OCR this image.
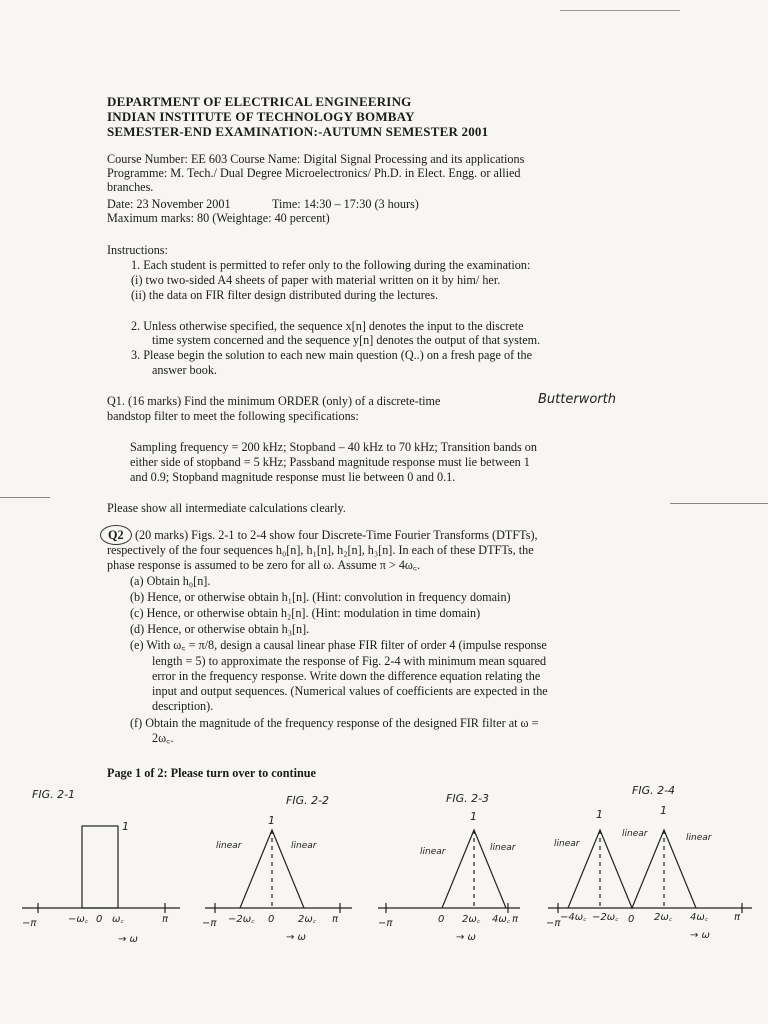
DEPARTMENT OF ELECTRICAL ENGINEERING
INDIAN INSTITUTE OF TECHNOLOGY BOMBAY
SEMESTER-END EXAMINATION:-AUTUMN SEMESTER 2001
Course Number: EE 603 Course Name: Digital Signal Processing and its applications
Programme: M. Tech./ Dual Degree Microelectronics/ Ph.D. in Elect. Engg. or allied
branches.
Date: 23 November 2001	Time: 14:30 – 17:30 (3 hours)
Maximum marks: 80 (Weightage: 40 percent)
Instructions:
1. Each student is permitted to refer only to the following during the examination:
(i) two two-sided A4 sheets of paper with material written on it by him/ her.
(ii) the data on FIR filter design distributed during the lectures.
2. Unless otherwise specified, the sequence x[n] denotes the input to the discrete
time system concerned and the sequence y[n] denotes the output of that system.
3. Please begin the solution to each new main question (Q..) on a fresh page of the
answer book.
Q1. (16 marks) Find the minimum ORDER (only) of a discrete-time	Butterworth
bandstop filter to meet the following specifications:
Sampling frequency = 200 kHz; Stopband – 40 kHz to 70 kHz; Transition bands on
either side of stopband = 5 kHz; Passband magnitude response must lie between 1
and 0.9; Stopband magnitude response must lie between 0 and 0.1.
Please show all intermediate calculations clearly.
Q2 (20 marks) Figs. 2-1 to 2-4 show four Discrete-Time Fourier Transforms (DTFTs),
respectively of the four sequences h₀[n], h₁[n], h₂[n], h₃[n]. In each of these DTFTs, the
phase response is assumed to be zero for all ω. Assume π > 4ω꜀.
(a) Obtain h₀[n].
(b) Hence, or otherwise obtain h₁[n]. (Hint: convolution in frequency domain)
(c) Hence, or otherwise obtain h₂[n]. (Hint: modulation in time domain)
(d) Hence, or otherwise obtain h₃[n].
(e) With ω꜀ = π/8, design a causal linear phase FIR filter of order 4 (impulse response
length = 5) to approximate the response of Fig. 2-4 with minimum mean squared
error in the frequency response. Write down the difference equation relating the
input and output sequences. (Numerical values of coefficients are expected in the
description).
(f) Obtain the magnitude of the frequency response of the designed FIR filter at ω =
2ω꜀.
Page 1 of 2: Please turn over to continue
FIG. 2-1	FIG. 2-2	FIG. 2-3
FIG. 2-4
1	1	1	1	1
linear	linear
linear	linear	linear
linear	linear
−π	−ω꜀ 0 ω꜀	π
→ ω
−π −2ω꜀ 0 2ω꜀ π
→ ω
−π	0 2ω꜀ 4ω꜀ π
→ ω
−π
−4ω꜀ −2ω꜀ 0 2ω꜀ 4ω꜀	π
→ ω
